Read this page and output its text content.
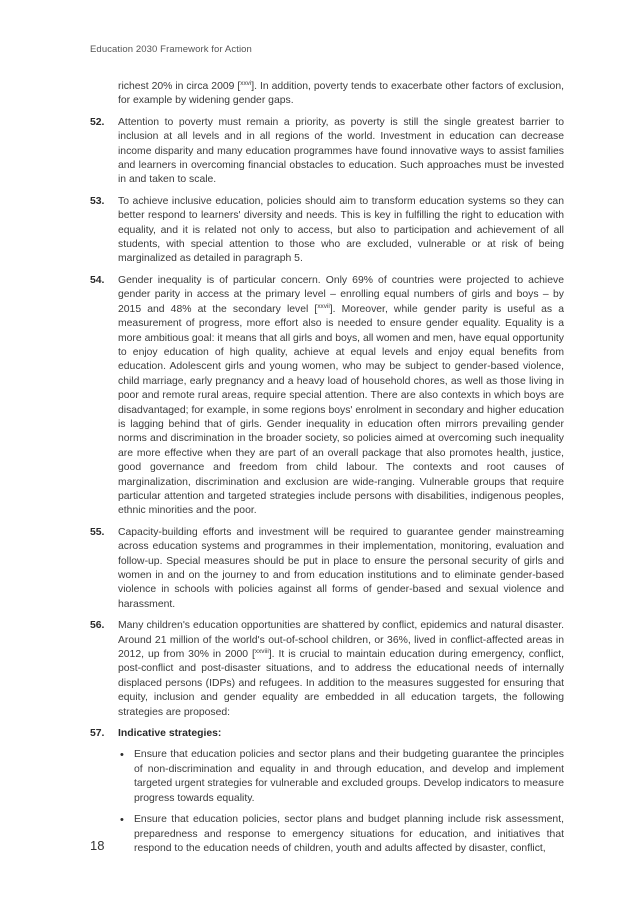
Education 2030 Framework for Action

richest 20% in circa 2009 [$^{xxvi}$]. In addition, poverty tends to exacerbate other factors of exclusion, for example by widening gender gaps.

52. Attention to poverty must remain a priority, as poverty is still the single greatest barrier to inclusion at all levels and in all regions of the world. Investment in education can decrease income disparity and many education programmes have found innovative ways to assist families and learners in overcoming financial obstacles to education. Such approaches must be invested in and taken to scale.

53. To achieve inclusive education, policies should aim to transform education systems so they can better respond to learners' diversity and needs. This is key in fulfilling the right to education with equality, and it is related not only to access, but also to participation and achievement of all students, with special attention to those who are excluded, vulnerable or at risk of being marginalized as detailed in paragraph 5.

54. Gender inequality is of particular concern. Only 69% of countries were projected to achieve gender parity in access at the primary level – enrolling equal numbers of girls and boys – by 2015 and 48% at the secondary level [$^{xxvii}$]. Moreover, while gender parity is useful as a measurement of progress, more effort also is needed to ensure gender equality. Equality is a more ambitious goal: it means that all girls and boys, all women and men, have equal opportunity to enjoy education of high quality, achieve at equal levels and enjoy equal benefits from education. Adolescent girls and young women, who may be subject to gender-based violence, child marriage, early pregnancy and a heavy load of household chores, as well as those living in poor and remote rural areas, require special attention. There are also contexts in which boys are disadvantaged; for example, in some regions boys' enrolment in secondary and higher education is lagging behind that of girls. Gender inequality in education often mirrors prevailing gender norms and discrimination in the broader society, so policies aimed at overcoming such inequality are more effective when they are part of an overall package that also promotes health, justice, good governance and freedom from child labour. The contexts and root causes of marginalization, discrimination and exclusion are wide-ranging. Vulnerable groups that require particular attention and targeted strategies include persons with disabilities, indigenous peoples, ethnic minorities and the poor.

55. Capacity-building efforts and investment will be required to guarantee gender mainstreaming across education systems and programmes in their implementation, monitoring, evaluation and follow-up. Special measures should be put in place to ensure the personal security of girls and women in and on the journey to and from education institutions and to eliminate gender-based violence in schools with policies against all forms of gender-based and sexual violence and harassment.

56. Many children's education opportunities are shattered by conflict, epidemics and natural disaster. Around 21 million of the world's out-of-school children, or 36%, lived in conflict-affected areas in 2012, up from 30% in 2000 [$^{xxviii}$]. It is crucial to maintain education during emergency, conflict, post-conflict and post-disaster situations, and to address the educational needs of internally displaced persons (IDPs) and refugees. In addition to the measures suggested for ensuring that equity, inclusion and gender equality are embedded in all education targets, the following strategies are proposed:

57. Indicative strategies:

• Ensure that education policies and sector plans and their budgeting guarantee the principles of non-discrimination and equality in and through education, and develop and implement targeted urgent strategies for vulnerable and excluded groups. Develop indicators to measure progress towards equality.

• Ensure that education policies, sector plans and budget planning include risk assessment, preparedness and response to emergency situations for education, and initiatives that respond to the education needs of children, youth and adults affected by disaster, conflict,

18
